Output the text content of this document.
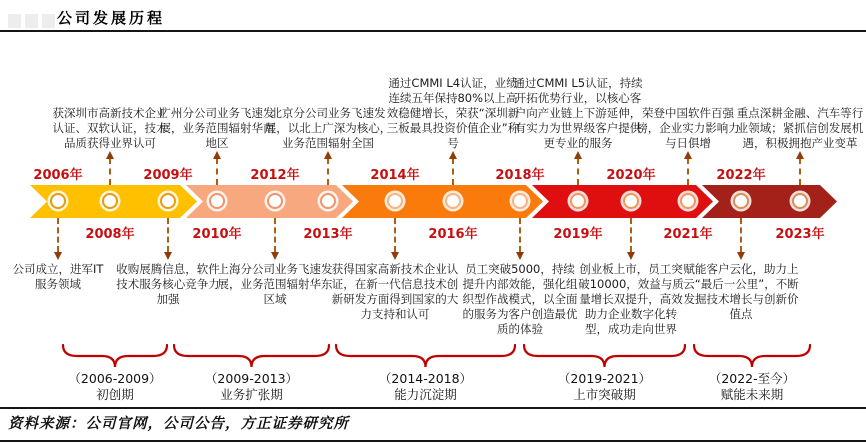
公司发展历程
2006年
公司成立，进军IT服务领域
2008年
获深圳市高新技术企业认证、双软认证，技术品质获得业界认可
2009年
收购展腾信息，软件技术服务核心竞争力加强
2010年
广州分公司业务飞速发展，业务范围辐射华南地区
2012年
上海分公司业务飞速发展，业务范围辐射华东区域
2013年
北京分公司业务飞速发展，以北上广深为核心，业务范围辐射全国
2014年
获得国家高新技术企业认证，在新一代信息技术创新研发方面得到国家的大力支持和认可
2016年
通过CMMI L4认证，业绩连续五年保持80%以上高效稳健增长，荣获“深圳新三板最具投资价值企业”称号
2018年
员工突破5000，持续提升内部效能，强化组织型作战模式，以全面的服务为客户创造最优质的体验
2019年
通过CMMI L5认证，持续开拓优势行业，以核心客户向产业链上下游延伸，有实力为世界级客户提供更专业的服务
2020年
创业板上市，员工突破10000，效益与质量增长双提升，高效助力企业数字化转型，成功走向世界
2021年
荣登中国软件百强榜，企业实力影响力与日俱增
2022年
赋能客户云化，助力上云“最后一公里”，不断发掘技术增长与创新价值点
2023年
重点深耕金融、汽车等行业领域；紧抓信创发展机遇，积极拥抱产业变革
（2006-2009）
初创期
（2009-2013）
业务扩张期
（2014-2018）
能力沉淀期
（2019-2021）
上市突破期
（2022-至今）
赋能未来期
资料来源：公司官网，公司公告，方正证券研究所
